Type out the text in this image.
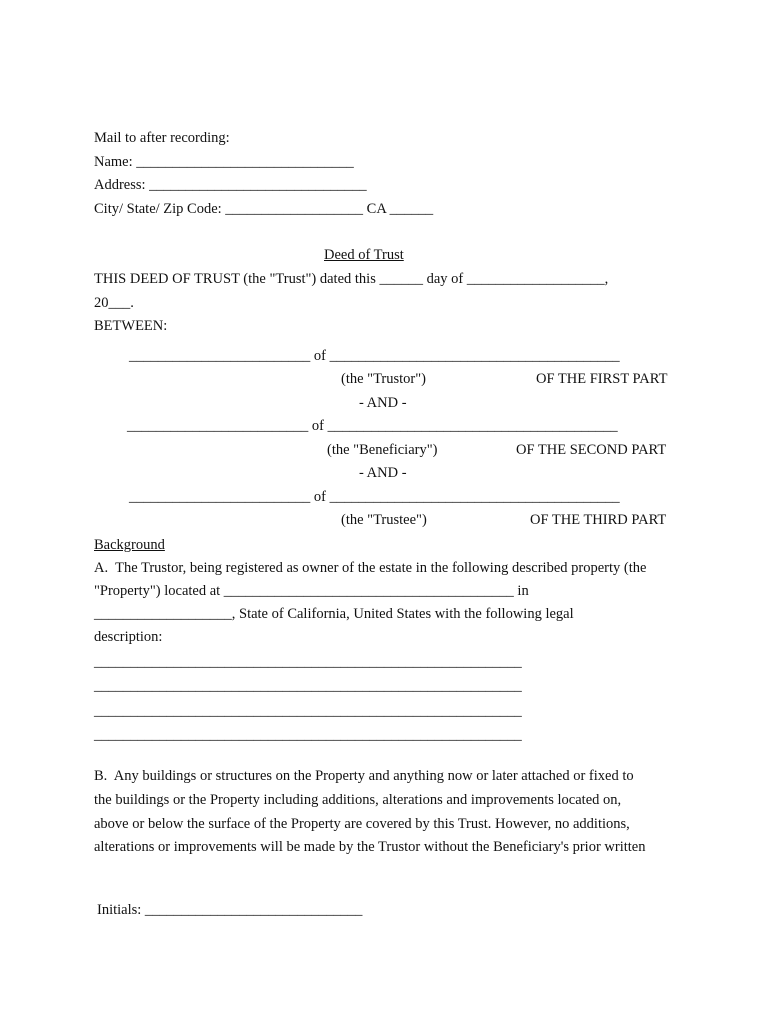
Mail to after recording:
Name: ______________________________
Address: ______________________________
City/ State/ Zip Code: ___________________ CA ______
Deed of Trust
THIS DEED OF TRUST (the "Trust") dated this ______ day of ___________________,
20___.
BETWEEN:
_________________________ of ________________________________________
(the "Trustor")	OF THE FIRST PART
- AND -
_________________________ of ________________________________________
(the "Beneficiary")	OF THE SECOND PART
- AND -
_________________________ of ________________________________________
(the "Trustee")	OF THE THIRD PART
Background
A.  The Trustor, being registered as owner of the estate in the following described property (the
"Property") located at ________________________________________ in
___________________, State of California, United States with the following legal
description:
___________________________________________________________
___________________________________________________________
___________________________________________________________
___________________________________________________________
B.  Any buildings or structures on the Property and anything now or later attached or fixed to
the buildings or the Property including additions, alterations and improvements located on,
above or below the surface of the Property are covered by this Trust. However, no additions,
alterations or improvements will be made by the Trustor without the Beneficiary's prior written
Initials: ______________________________
